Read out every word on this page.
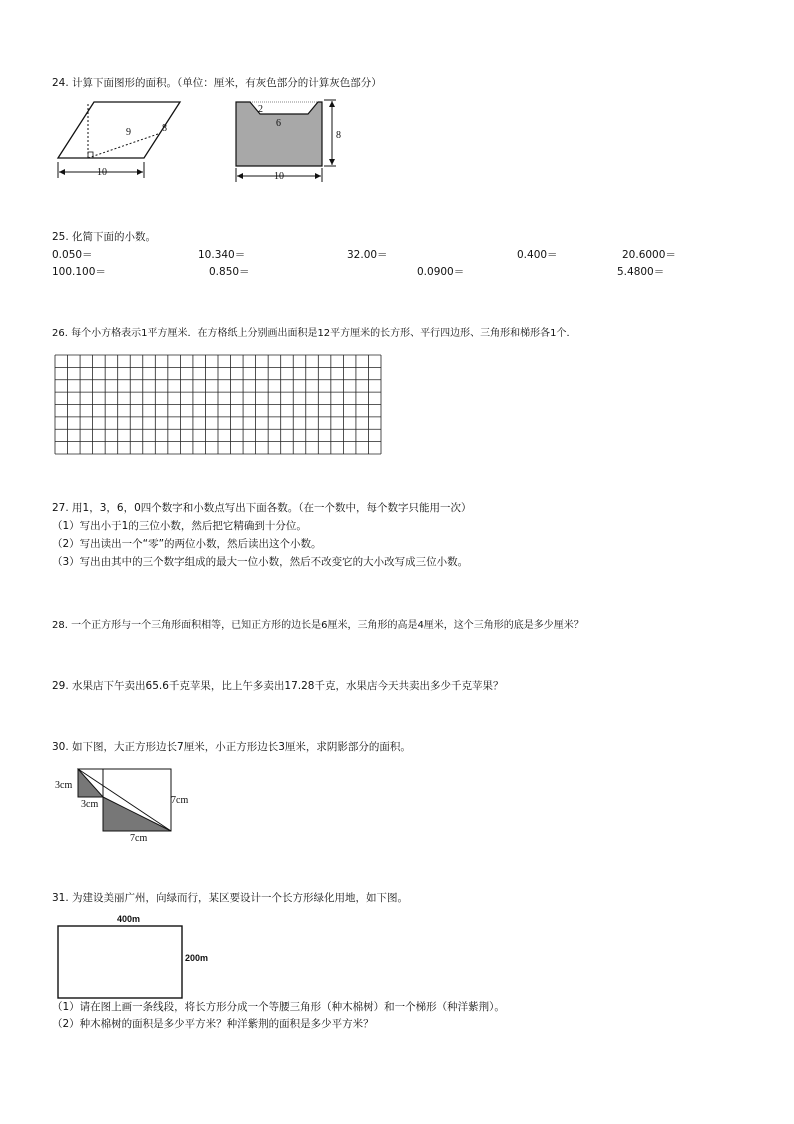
24. 计算下面图形的面积。（单位：厘米，有灰色部分的计算灰色部分）
9	8
10
2
6
8
10
25. 化简下面的小数。
0.050＝	10.340＝	32.00＝	0.400＝	20.6000＝
100.100＝	0.850＝	0.0900＝	5.4800＝
26. 每个小方格表示1平方厘米．在方格纸上分别画出面积是12平方厘米的长方形、平行四边形、三角形和梯形各1个．
27. 用1，3，6，0四个数字和小数点写出下面各数。（在一个数中，每个数字只能用一次）
（1）写出小于1的三位小数，然后把它精确到十分位。
（2）写出读出一个“零”的两位小数，然后读出这个小数。
（3）写出由其中的三个数字组成的最大一位小数，然后不改变它的大小改写成三位小数。
28. 一个正方形与一个三角形面积相等，已知正方形的边长是6厘米，三角形的高是4厘米，这个三角形的底是多少厘米？
29. 水果店下午卖出65.6千克苹果，比上午多卖出17.28千克，水果店今天共卖出多少千克苹果？
30. 如下图，大正方形边长7厘米，小正方形边长3厘米，求阴影部分的面积。
3cm
3cm	7cm
7cm
31. 为建设美丽广州，向绿而行，某区要设计一个长方形绿化用地，如下图。
400m
200m
（1）请在图上画一条线段，将长方形分成一个等腰三角形（种木棉树）和一个梯形（种洋紫荆）。
（2）种木棉树的面积是多少平方米？种洋紫荆的面积是多少平方米？
